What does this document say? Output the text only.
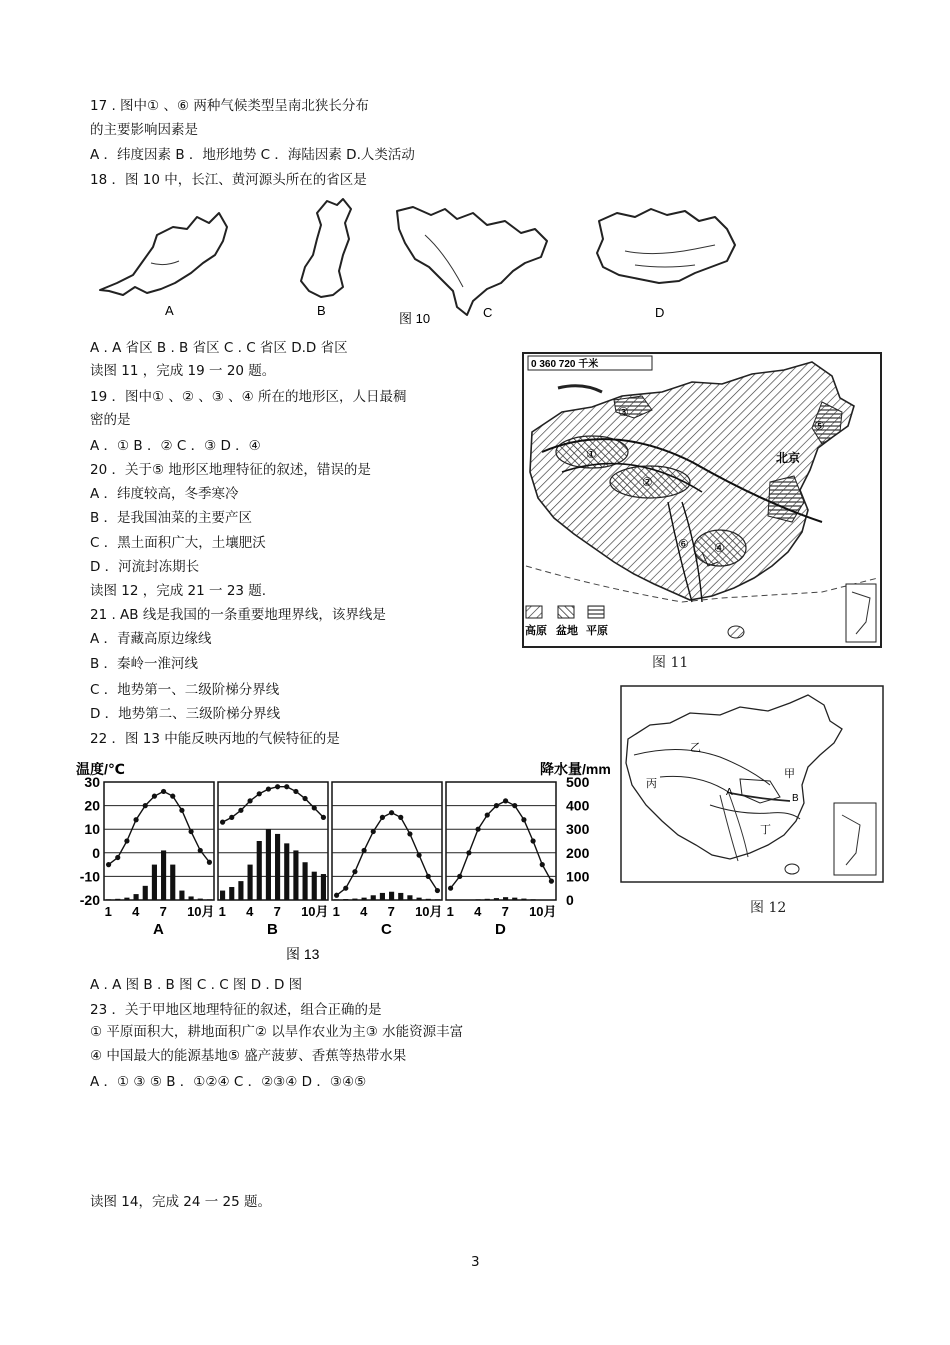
17 . 图中① 、⑥ 两种气候类型呈南北狭长分布
的主要影响因素是
A ．纬度因素 B ．地形地势 C ．海陆因素 D.人类活动
18 ．图 10 中，长江、黄河源头所在的省区是
A . A 省区 B . B 省区 C . C 省区 D.D 省区
读图 11 ，完成 19 一 20 题。
19 ．图中① 、② 、③ 、④ 所在的地形区，人日最稠
密的是
A ．① B ．② C ．③ D ．④
20 ．关于⑤ 地形区地理特征的叙述，错误的是
A ．纬度较高，冬季寒冷
B ．是我国油菜的主要产区
C ．黑土面积广大，土壤肥沃
D ．河流封冻期长
读图 12 ，完成 21 一 23 题.
21 . AB 线是我国的一条重要地理界线，该界线是
A ．青藏高原边缘线
B ．秦岭一淮河线
C ．地势第一、二级阶梯分界线
D ．地势第二、三级阶梯分界线
22 ．图 13 中能反映丙地的气候特征的是
A . A 图 B . B 图 C . C 图 D . D 图
23 ．关于甲地区地理特征的叙述，组合正确的是
① 平原面积大，耕地面积广② 以旱作农业为主③ 水能资源丰富
④ 中国最大的能源基地⑤ 盛产菠萝、香蕉等热带水果
A ．① ③ ⑤ B ．①②④ C ．②③④ D ．③④⑤
读图 14，完成 24 一 25 题。
3
A	B	C	D
图 10
0 360 720 千米
①
②
③
④
⑤
⑥
北京
高原 盆地 平原
图 11
乙
丙
甲
A
B
丁
图 12
温度/℃	降水量/mm
30
20
10
0
-10
-20
500
400
300
200
100
0
1 4 7 10月
A
1 4 7 10月
B
1 4 7 10月
C
1 4 7 10月
D
图 13
